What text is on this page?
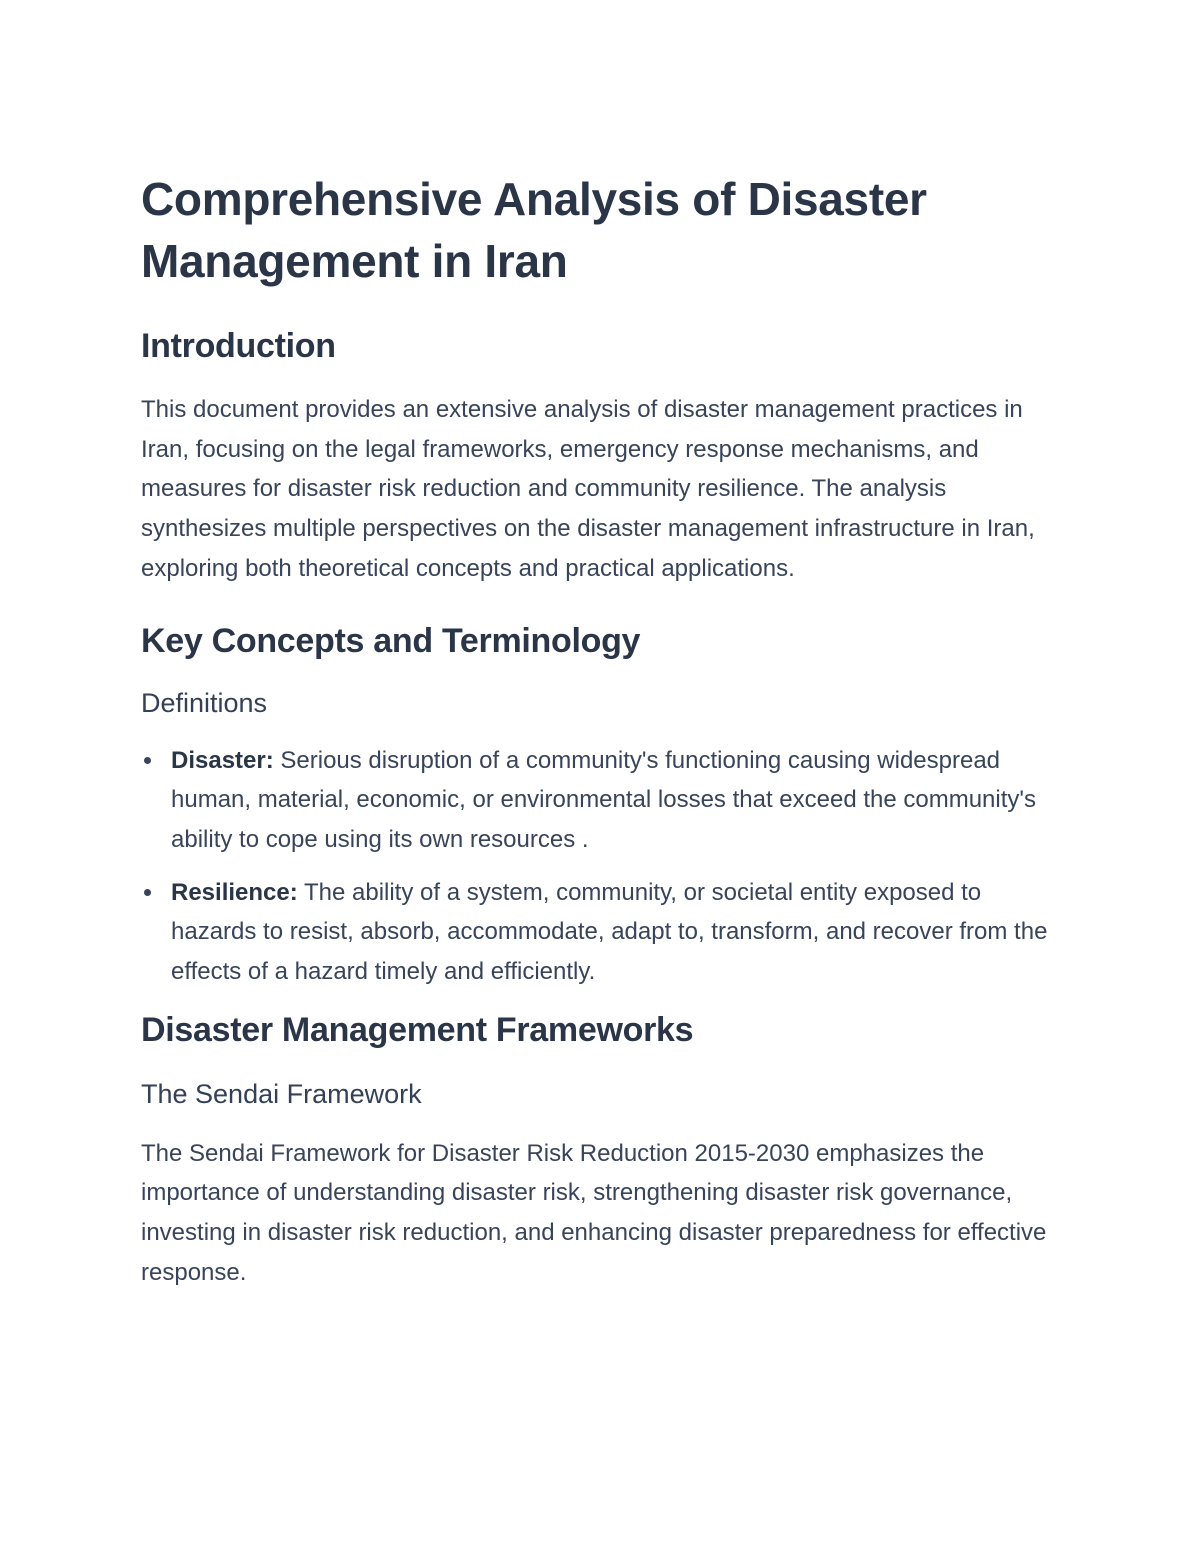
Comprehensive Analysis of Disaster Management in Iran
Introduction

This document provides an extensive analysis of disaster management practices in Iran, focusing on the legal frameworks, emergency response mechanisms, and measures for disaster risk reduction and community resilience. The analysis synthesizes multiple perspectives on the disaster management infrastructure in Iran, exploring both theoretical concepts and practical applications.

Key Concepts and Terminology
Definitions
Disaster: Serious disruption of a community's functioning causing widespread human, material, economic, or environmental losses that exceed the community's ability to cope using its own resources .
Resilience: The ability of a system, community, or societal entity exposed to hazards to resist, absorb, accommodate, adapt to, transform, and recover from the effects of a hazard timely and efficiently.
Disaster Management Frameworks
The Sendai Framework

The Sendai Framework for Disaster Risk Reduction 2015-2030 emphasizes the importance of understanding disaster risk, strengthening disaster risk governance, investing in disaster risk reduction, and enhancing disaster preparedness for effective response.
